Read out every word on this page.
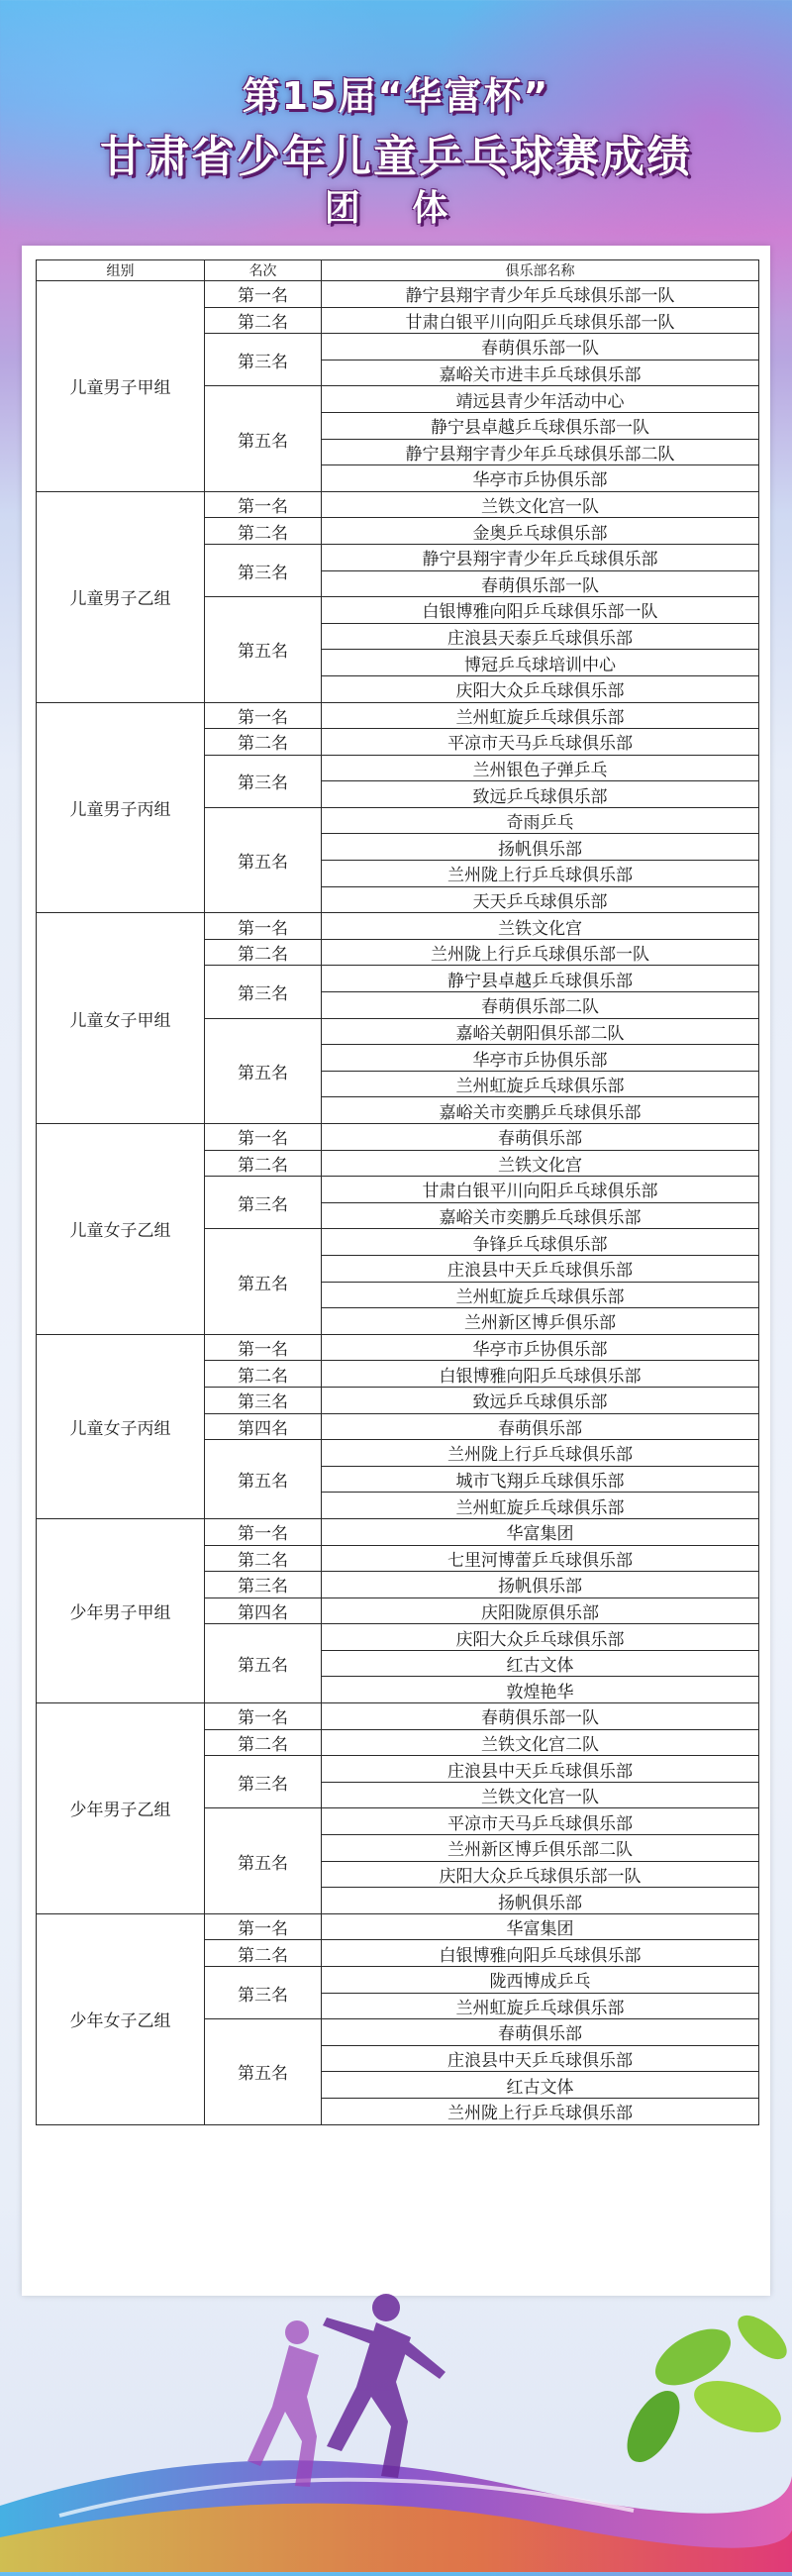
第15届“华富杯”
甘肃省少年儿童乒乓球赛成绩
团 体
组别	名次	俱乐部名称
儿童男子甲组	第一名	静宁县翔宇青少年乒乓球俱乐部一队
	第二名	甘肃白银平川向阳乒乓球俱乐部一队
	第三名	春萌俱乐部一队
		嘉峪关市进丰乒乓球俱乐部
	第五名	靖远县青少年活动中心
		静宁县卓越乒乓球俱乐部一队
		静宁县翔宇青少年乒乓球俱乐部二队
		华亭市乒协俱乐部
儿童男子乙组	第一名	兰铁文化宫一队
	第二名	金奥乒乓球俱乐部
	第三名	静宁县翔宇青少年乒乓球俱乐部
		春萌俱乐部一队
	第五名	白银博雅向阳乒乓球俱乐部一队
		庄浪县天泰乒乓球俱乐部
		博冠乒乓球培训中心
		庆阳大众乒乓球俱乐部
儿童男子丙组	第一名	兰州虹旋乒乓球俱乐部
	第二名	平凉市天马乒乓球俱乐部
	第三名	兰州银色子弹乒乓
		致远乒乓球俱乐部
	第五名	奇雨乒乓
		扬帆俱乐部
		兰州陇上行乒乓球俱乐部
		天天乒乓球俱乐部
儿童女子甲组	第一名	兰铁文化宫
	第二名	兰州陇上行乒乓球俱乐部一队
	第三名	静宁县卓越乒乓球俱乐部
		春萌俱乐部二队
	第五名	嘉峪关朝阳俱乐部二队
		华亭市乒协俱乐部
		兰州虹旋乒乓球俱乐部
		嘉峪关市奕鹏乒乓球俱乐部
儿童女子乙组	第一名	春萌俱乐部
	第二名	兰铁文化宫
	第三名	甘肃白银平川向阳乒乓球俱乐部
		嘉峪关市奕鹏乒乓球俱乐部
	第五名	争锋乒乓球俱乐部
		庄浪县中天乒乓球俱乐部
		兰州虹旋乒乓球俱乐部
		兰州新区博乒俱乐部
儿童女子丙组	第一名	华亭市乒协俱乐部
	第二名	白银博雅向阳乒乓球俱乐部
	第三名	致远乒乓球俱乐部
	第四名	春萌俱乐部
	第五名	兰州陇上行乒乓球俱乐部
		城市飞翔乒乓球俱乐部
		兰州虹旋乒乓球俱乐部
少年男子甲组	第一名	华富集团
	第二名	七里河博蕾乒乓球俱乐部
	第三名	扬帆俱乐部
	第四名	庆阳陇原俱乐部
	第五名	庆阳大众乒乓球俱乐部
		红古文体
		敦煌艳华
少年男子乙组	第一名	春萌俱乐部一队
	第二名	兰铁文化宫二队
	第三名	庄浪县中天乒乓球俱乐部
		兰铁文化宫一队
	第五名	平凉市天马乒乓球俱乐部
		兰州新区博乒俱乐部二队
		庆阳大众乒乓球俱乐部一队
		扬帆俱乐部
少年女子乙组	第一名	华富集团
	第二名	白银博雅向阳乒乓球俱乐部
	第三名	陇西博成乒乓
		兰州虹旋乒乓球俱乐部
	第五名	春萌俱乐部
		庄浪县中天乒乓球俱乐部
		红古文体
		兰州陇上行乒乓球俱乐部
